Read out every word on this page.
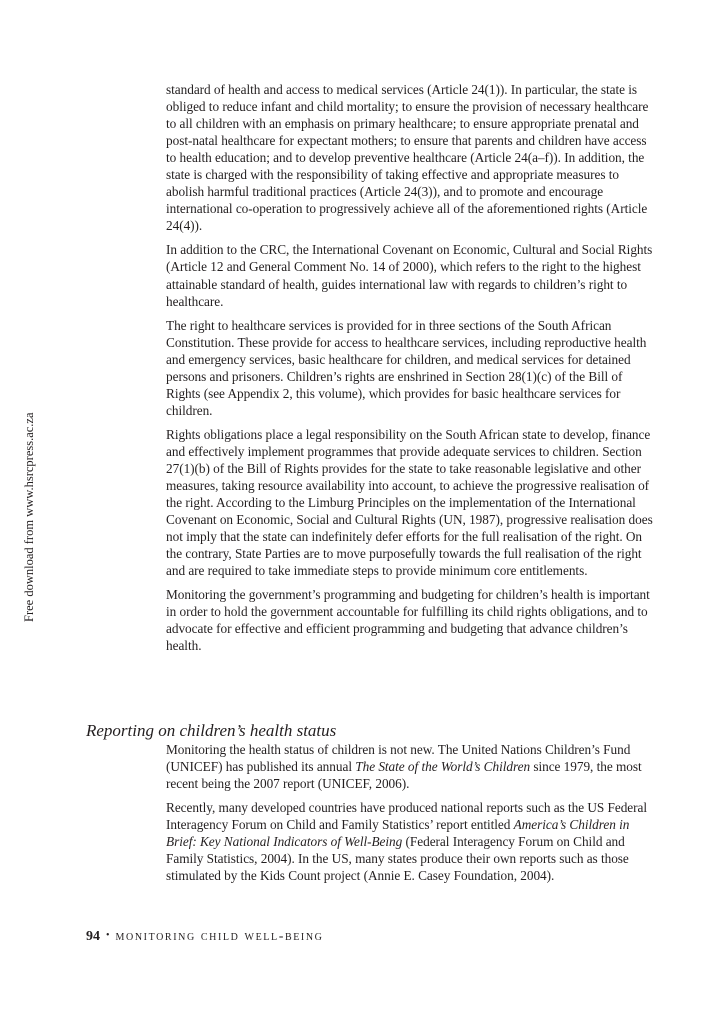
Free download from www.hsrcpress.ac.za

standard of health and access to medical services (Article 24(1)). In particular, the state is obliged to reduce infant and child mortality; to ensure the provision of necessary healthcare to all children with an emphasis on primary healthcare; to ensure appropriate prenatal and post-natal healthcare for expectant mothers; to ensure that parents and children have access to health education; and to develop preventive healthcare (Article 24(a–f)). In addition, the state is charged with the responsibility of taking effective and appropriate measures to abolish harmful traditional practices (Article 24(3)), and to promote and encourage international co-operation to progressively achieve all of the aforementioned rights (Article 24(4)).

In addition to the CRC, the International Covenant on Economic, Cultural and Social Rights (Article 12 and General Comment No. 14 of 2000), which refers to the right to the highest attainable standard of health, guides international law with regards to children’s right to healthcare.

The right to healthcare services is provided for in three sections of the South African Constitution. These provide for access to healthcare services, including reproductive health and emergency services, basic healthcare for children, and medical services for detained persons and prisoners. Children’s rights are enshrined in Section 28(1)(c) of the Bill of Rights (see Appendix 2, this volume), which provides for basic healthcare services for children.

Rights obligations place a legal responsibility on the South African state to develop, finance and effectively implement programmes that provide adequate services to children. Section 27(1)(b) of the Bill of Rights provides for the state to take reasonable legislative and other measures, taking resource availability into account, to achieve the progressive realisation of the right. According to the Limburg Principles on the implementation of the International Covenant on Economic, Social and Cultural Rights (UN, 1987), progressive realisation does not imply that the state can indefinitely defer efforts for the full realisation of the right. On the contrary, State Parties are to move purposefully towards the full realisation of the right and are required to take immediate steps to provide minimum core entitlements.

Monitoring the government’s programming and budgeting for children’s health is important in order to hold the government accountable for fulfilling its child rights obligations, and to advocate for effective and efficient programming and budgeting that advance children’s health.

Reporting on children’s health status

Monitoring the health status of children is not new. The United Nations Children’s Fund (UNICEF) has published its annual The State of the World’s Children since 1979, the most recent being the 2007 report (UNICEF, 2006).

Recently, many developed countries have produced national reports such as the US Federal Interagency Forum on Child and Family Statistics’ report entitled America’s Children in Brief: Key National Indicators of Well-Being (Federal Interagency Forum on Child and Family Statistics, 2004). In the US, many states produce their own reports such as those stimulated by the Kids Count project (Annie E. Casey Foundation, 2004).

94 • monitoring child well-being
